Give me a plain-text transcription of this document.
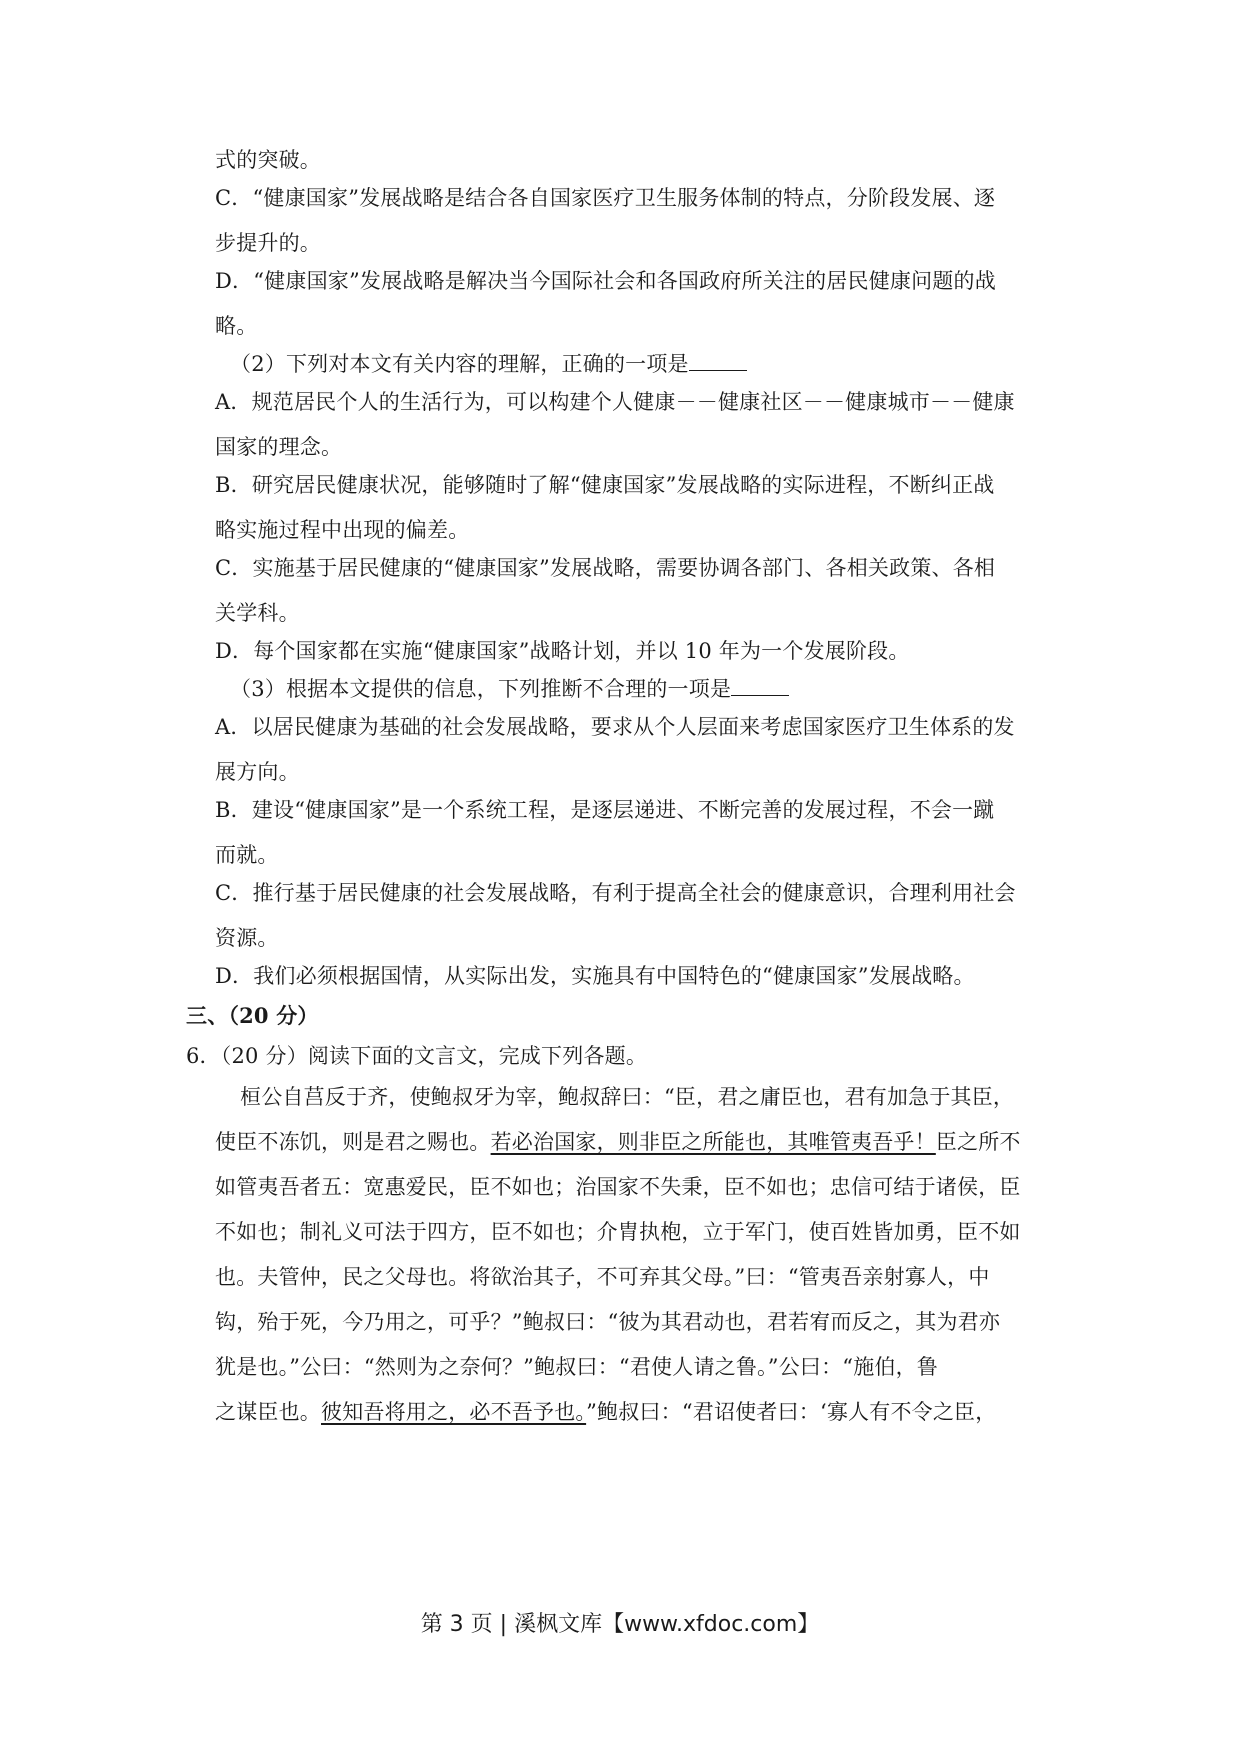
式的突破。
C．“健康国家”发展战略是结合各自国家医疗卫生服务体制的特点，分阶段发展、逐
步提升的。
D．“健康国家”发展战略是解决当今国际社会和各国政府所关注的居民健康问题的战
略。
（2）下列对本文有关内容的理解，正确的一项是
A．规范居民个人的生活行为，可以构建个人健康－－健康社区－－健康城市－－健康
国家的理念。
B．研究居民健康状况，能够随时了解“健康国家”发展战略的实际进程，不断纠正战
略实施过程中出现的偏差。
C．实施基于居民健康的“健康国家”发展战略，需要协调各部门、各相关政策、各相
关学科。
D．每个国家都在实施“健康国家”战略计划，并以 10 年为一个发展阶段。
（3）根据本文提供的信息，下列推断不合理的一项是
A．以居民健康为基础的社会发展战略，要求从个人层面来考虑国家医疗卫生体系的发
展方向。
B．建设“健康国家”是一个系统工程，是逐层递进、不断完善的发展过程，不会一蹴
而就。
C．推行基于居民健康的社会发展战略，有利于提高全社会的健康意识，合理利用社会
资源。
D．我们必须根据国情，从实际出发，实施具有中国特色的“健康国家”发展战略。
三、（20 分）
6．（20 分）阅读下面的文言文，完成下列各题。
桓公自莒反于齐，使鲍叔牙为宰，鲍叔辞曰：“臣，君之庸臣也，君有加急于其臣，
使臣不冻饥，则是君之赐也。若必治国家，则非臣之所能也，其唯管夷吾乎！臣之所不
如管夷吾者五：宽惠爱民，臣不如也；治国家不失秉，臣不如也；忠信可结于诸侯，臣
不如也；制礼义可法于四方，臣不如也；介胄执枹，立于军门，使百姓皆加勇，臣不如
也。夫管仲，民之父母也。将欲治其子，不可弃其父母。”曰：“管夷吾亲射寡人，中
钩，殆于死，今乃用之，可乎？”鲍叔曰：“彼为其君动也，君若宥而反之，其为君亦
犹是也。”公曰：“然则为之奈何？”鲍叔曰：“君使人请之鲁。”公曰：“施伯，鲁
之谋臣也。彼知吾将用之，必不吾予也。”鲍叔曰：“君诏使者曰：‘寡人有不令之臣，
第 3 页 | 溪枫文库【www.xfdoc.com】
